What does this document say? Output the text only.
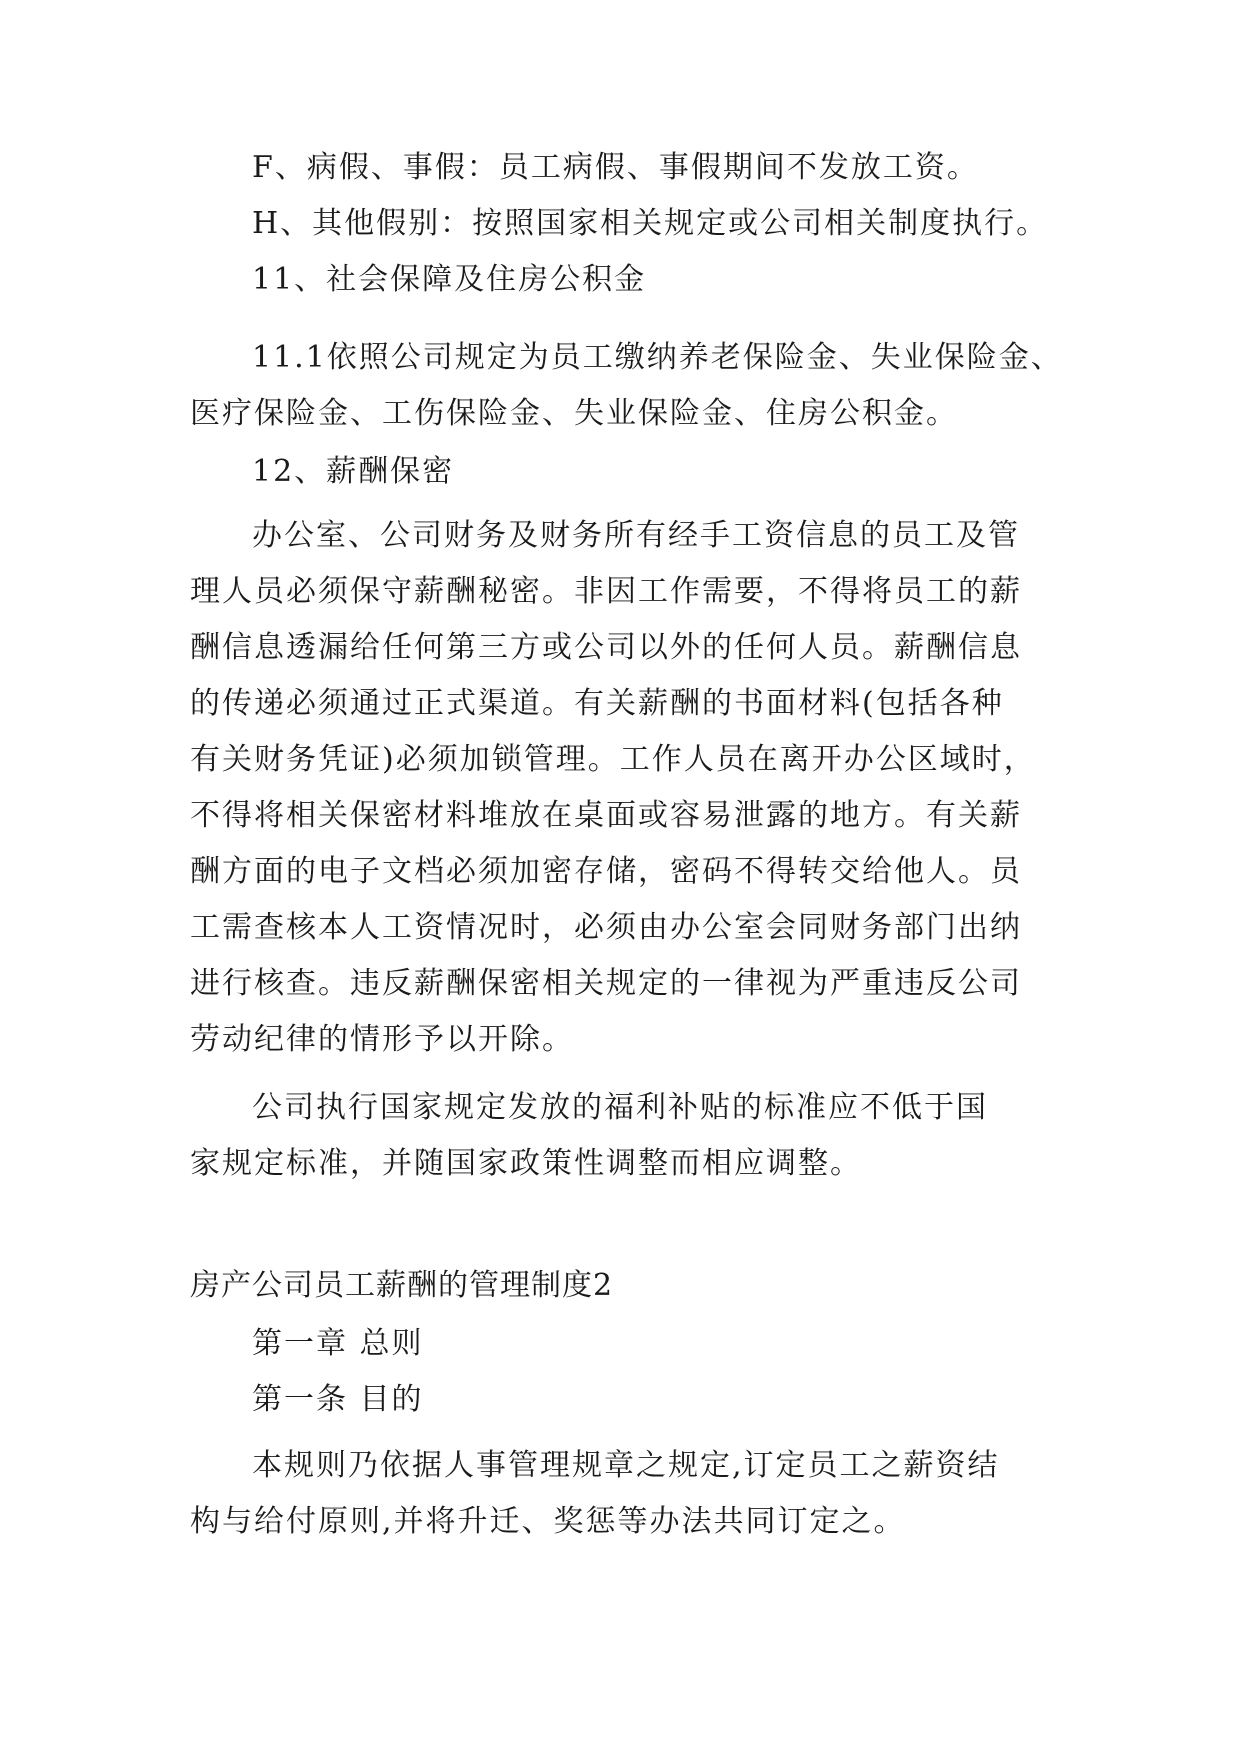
F、病假、事假：员工病假、事假期间不发放工资。
H、其他假别：按照国家相关规定或公司相关制度执行。
11、社会保障及住房公积金
11.1依照公司规定为员工缴纳养老保险金、失业保险金、
医疗保险金、工伤保险金、失业保险金、住房公积金。
12、薪酬保密
办公室、公司财务及财务所有经手工资信息的员工及管
理人员必须保守薪酬秘密。非因工作需要，不得将员工的薪
酬信息透漏给任何第三方或公司以外的任何人员。薪酬信息
的传递必须通过正式渠道。有关薪酬的书面材料(包括各种
有关财务凭证)必须加锁管理。工作人员在离开办公区域时，
不得将相关保密材料堆放在桌面或容易泄露的地方。有关薪
酬方面的电子文档必须加密存储，密码不得转交给他人。员
工需查核本人工资情况时，必须由办公室会同财务部门出纳
进行核查。违反薪酬保密相关规定的一律视为严重违反公司
劳动纪律的情形予以开除。
公司执行国家规定发放的福利补贴的标准应不低于国
家规定标准，并随国家政策性调整而相应调整。
房产公司员工薪酬的管理制度2
第一章 总则
第一条 目的
本规则乃依据人事管理规章之规定,订定员工之薪资结
构与给付原则,并将升迁、奖惩等办法共同订定之。
